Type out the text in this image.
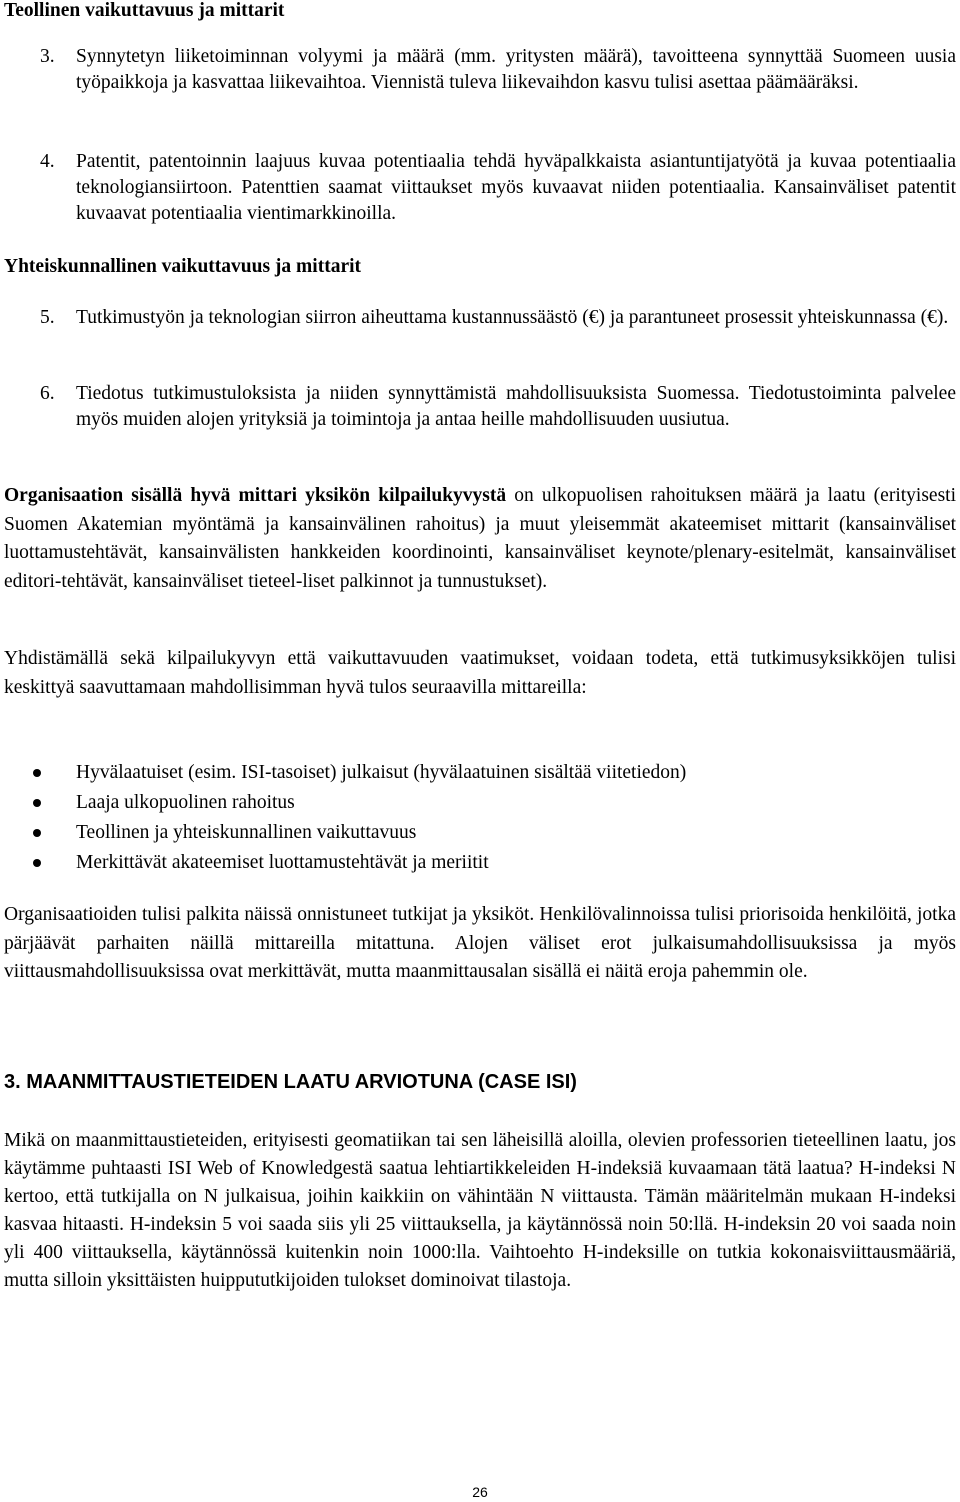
Teollinen vaikuttavuus ja mittarit
3. Synnytetyn liiketoiminnan volyymi ja määrä (mm. yritysten määrä), tavoitteena synnyttää Suomeen uusia työpaikkoja ja kasvattaa liikevaihtoa. Viennistä tuleva liikevaihdon kasvu tulisi asettaa päämääräksi.
4. Patentit, patentoinnin laajuus kuvaa potentiaalia tehdä hyväpalkkaista asiantuntijatyötä ja kuvaa potentiaalia teknologiansiirtoon. Patenttien saamat viittaukset myös kuvaavat niiden potentiaalia. Kansainväliset patentit kuvaavat potentiaalia vientimarkkinoilla.
Yhteiskunnallinen vaikuttavuus ja mittarit
5. Tutkimustyön ja teknologian siirron aiheuttama kustannussäästö (€) ja parantuneet prosessit yhteiskunnassa (€).
6. Tiedotus tutkimustuloksista ja niiden synnyttämistä mahdollisuuksista Suomessa. Tiedotustoiminta palvelee myös muiden alojen yrityksiä ja toimintoja ja antaa heille mahdollisuuden uusiutua.

Organisaation sisällä hyvä mittari yksikön kilpailukyvystä on ulkopuolisen rahoituksen määrä ja laatu (erityisesti Suomen Akatemian myöntämä ja kansainvälinen rahoitus) ja muut yleisemmät akateemiset mittarit (kansainväliset luottamustehtävät, kansainvälisten hankkeiden koordinointi, kansainväliset keynote/plenary-esitelmät, kansainväliset editori-tehtävät, kansainväliset tieteel-liset palkinnot ja tunnustukset).

Yhdistämällä sekä kilpailukyvyn että vaikuttavuuden vaatimukset, voidaan todeta, että tutkimusyksikköjen tulisi keskittyä saavuttamaan mahdollisimman hyvä tulos seuraavilla mittareilla:

Hyvälaatuiset (esim. ISI-tasoiset) julkaisut (hyvälaatuinen sisältää viitetiedon)
Laaja ulkopuolinen rahoitus
Teollinen ja yhteiskunnallinen vaikuttavuus
Merkittävät akateemiset luottamustehtävät ja meriitit

Organisaatioiden tulisi palkita näissä onnistuneet tutkijat ja yksiköt. Henkilövalinnoissa tulisi priorisoida henkilöitä, jotka pärjäävät parhaiten näillä mittareilla mitattuna. Alojen väliset erot julkaisumahdollisuuksissa ja myös viittausmahdollisuuksissa ovat merkittävät, mutta maanmittausalan sisällä ei näitä eroja pahemmin ole.

3. MAANMITTAUSTIETEIDEN LAATU ARVIOTUNA (CASE ISI)

Mikä on maanmittaustieteiden, erityisesti geomatiikan tai sen läheisillä aloilla, olevien professorien tieteellinen laatu, jos käytämme puhtaasti ISI Web of Knowledgestä saatua lehtiartikkeleiden H-indeksiä kuvaamaan tätä laatua? H-indeksi N kertoo, että tutkijalla on N julkaisua, joihin kaikkiin on vähintään N viittausta. Tämän määritelmän mukaan H-indeksi kasvaa hitaasti. H-indeksin 5 voi saada siis yli 25 viittauksella, ja käytännössä noin 50:llä. H-indeksin 20 voi saada noin yli 400 viittauksella, käytännössä kuitenkin noin 1000:lla. Vaihtoehto H-indeksille on tutkia kokonaisviittausmääriä, mutta silloin yksittäisten huippututkijoiden tulokset dominoivat tilastoja.

26
